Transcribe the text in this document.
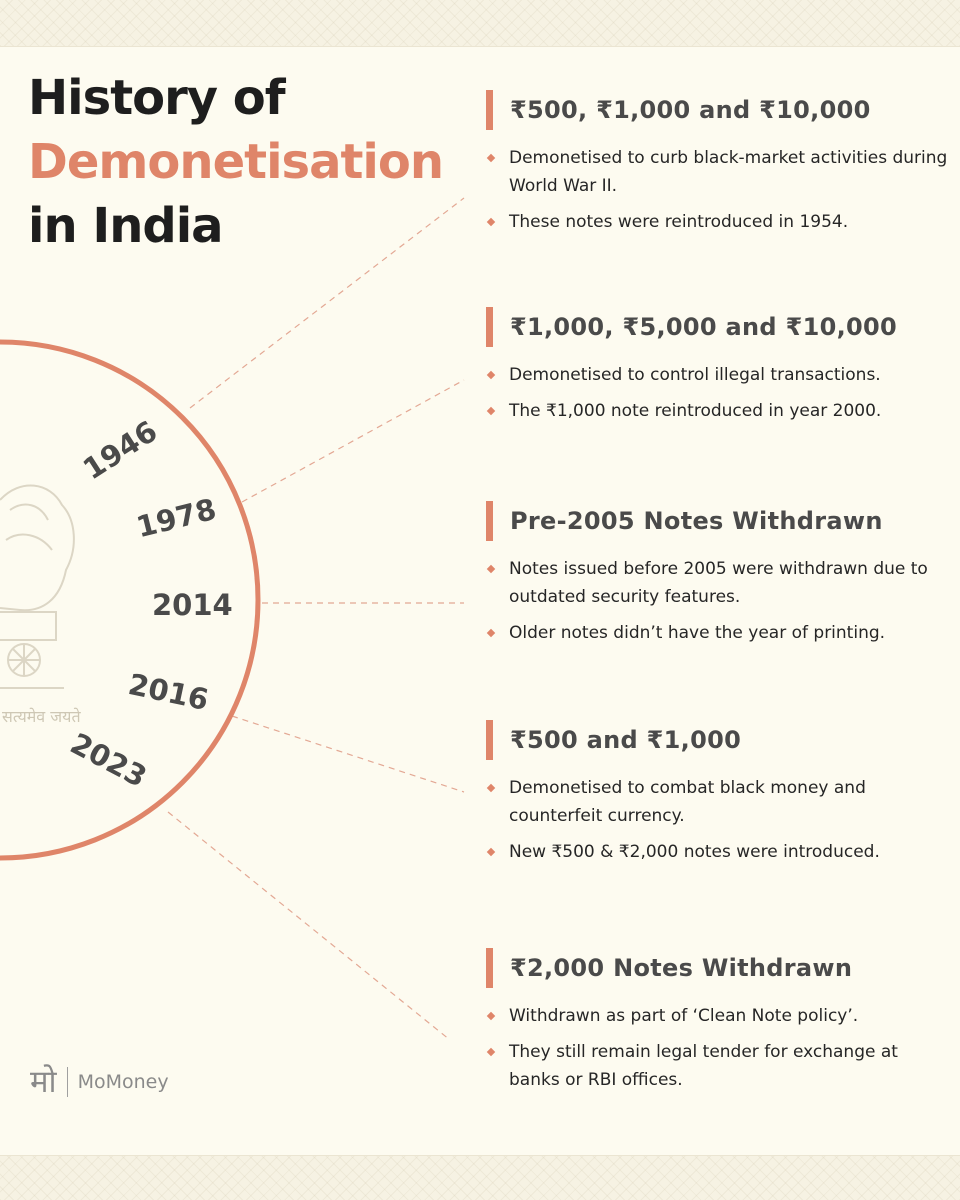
History of
Demonetisation
in India
सत्यमेव जयते
1946
1978
2014
2016
2023
₹500, ₹1,000 and ₹10,000
Demonetised to curb black-market activities during World War II.
These notes were reintroduced in 1954.
₹1,000, ₹5,000 and ₹10,000
Demonetised to control illegal transactions.
The ₹1,000 note reintroduced in year 2000.
Pre-2005 Notes Withdrawn
Notes issued before 2005 were withdrawn due to outdated security features.
Older notes didn’t have the year of printing.
₹500 and ₹1,000
Demonetised to combat black money and counterfeit currency.
New ₹500 & ₹2,000 notes were introduced.
₹2,000 Notes Withdrawn
Withdrawn as part of ‘Clean Note policy’.
They still remain legal tender for exchange at banks or RBI offices.
मो MoMoney
